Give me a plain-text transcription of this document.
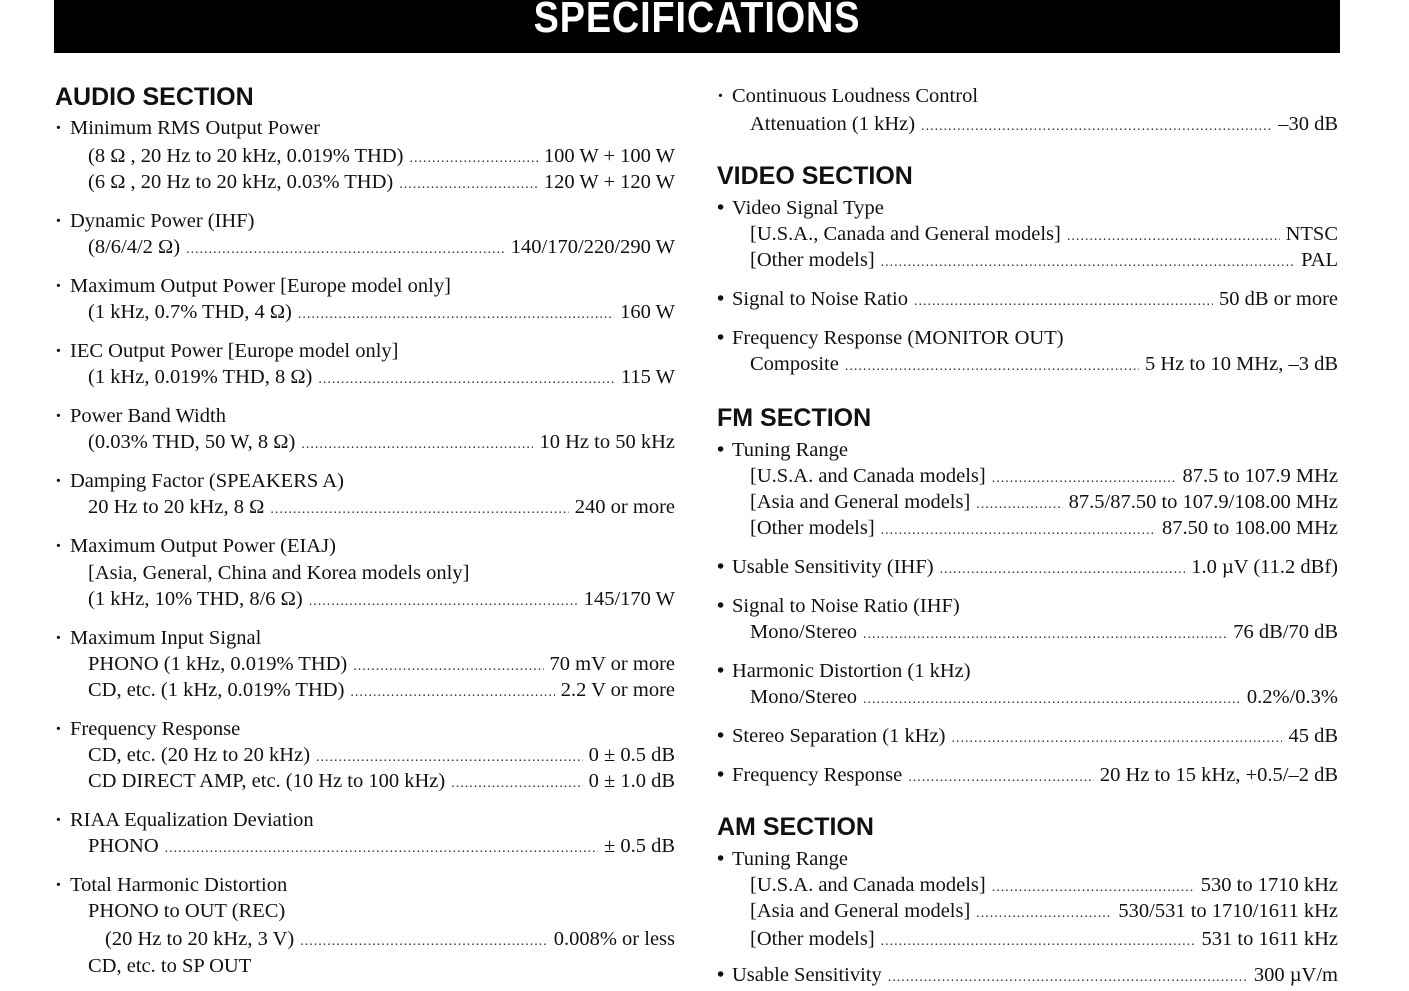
SPECIFICATIONS
AUDIO SECTION
· Minimum RMS Output Power
(8 Ω , 20 Hz to 20 kHz, 0.019% THD) .....	100 W + 100 W
(6 Ω , 20 Hz to 20 kHz, 0.03% THD) .....	120 W + 120 W
· Dynamic Power (IHF)
(8/6/4/2 Ω) .....	140/170/220/290 W
· Maximum Output Power [Europe model only]
(1 kHz, 0.7% THD, 4 Ω) .....	160 W
· IEC Output Power [Europe model only]
(1 kHz, 0.019% THD, 8 Ω) .....	115 W
· Power Band Width
(0.03% THD, 50 W, 8 Ω) .....	10 Hz to 50 kHz
· Damping Factor (SPEAKERS A)
20 Hz to 20 kHz, 8 Ω .....	240 or more
· Maximum Output Power (EIAJ)
[Asia, General, China and Korea models only]
(1 kHz, 10% THD, 8/6 Ω) .....	145/170 W
· Maximum Input Signal
PHONO (1 kHz, 0.019% THD) .....	70 mV or more
CD, etc. (1 kHz, 0.019% THD) .....	2.2 V or more
· Frequency Response
CD, etc. (20 Hz to 20 kHz) .....	0 ± 0.5 dB
CD DIRECT AMP, etc. (10 Hz to 100 kHz) .....	0 ± 1.0 dB
· RIAA Equalization Deviation
PHONO .....	± 0.5 dB
· Total Harmonic Distortion
PHONO to OUT (REC)
(20 Hz to 20 kHz, 3 V) .....	0.008% or less
CD, etc. to SP OUT
· Continuous Loudness Control
Attenuation (1 kHz) .....	–30 dB
VIDEO SECTION
• Video Signal Type
[U.S.A., Canada and General models] .....	NTSC
[Other models] .....	PAL
• Signal to Noise Ratio .....	50 dB or more
• Frequency Response (MONITOR OUT)
Composite .....	5 Hz to 10 MHz, –3 dB
FM SECTION
• Tuning Range
[U.S.A. and Canada models] .....	87.5 to 107.9 MHz
[Asia and General models] .....	87.5/87.50 to 107.9/108.00 MHz
[Other models] .....	87.50 to 108.00 MHz
• Usable Sensitivity (IHF) .....	1.0 µV (11.2 dBf)
• Signal to Noise Ratio (IHF)
Mono/Stereo .....	76 dB/70 dB
• Harmonic Distortion (1 kHz)
Mono/Stereo .....	0.2%/0.3%
• Stereo Separation (1 kHz) .....	45 dB
• Frequency Response .....	20 Hz to 15 kHz, +0.5/–2 dB
AM SECTION
• Tuning Range
[U.S.A. and Canada models] .....	530 to 1710 kHz
[Asia and General models] .....	530/531 to 1710/1611 kHz
[Other models] .....	531 to 1611 kHz
• Usable Sensitivity .....	300 µV/m
